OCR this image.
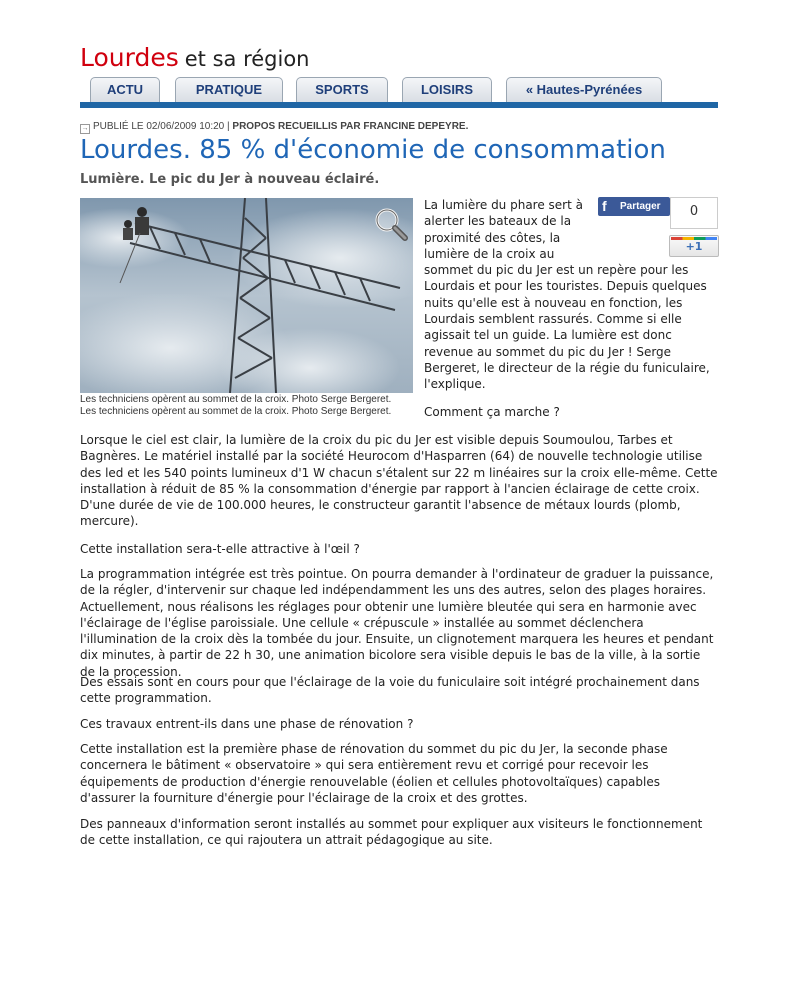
Lourdes et sa région
ACTU	PRATIQUE	SPORTS	LOISIRS	« Hautes-Pyrénées
→ PUBLIÉ LE 02/06/2009 10:20 | PROPOS RECUEILLIS PAR FRANCINE DEPEYRE.
Lourdes. 85 % d'économie de consommation
Lumière. Le pic du Jer à nouveau éclairé.
Les techniciens opèrent au sommet de la croix. Photo Serge Bergeret.
Les techniciens opèrent au sommet de la croix. Photo Serge Bergeret.
f Partager	0
+1
La lumière du phare sert à alerter les bateaux de la proximité des côtes, la lumière de la croix au
sommet du pic du Jer est un repère pour les Lourdais et pour les touristes. Depuis quelques nuits qu'elle est à nouveau en fonction, les Lourdais semblent rassurés. Comme si elle agissait tel un guide. La lumière est donc revenue au sommet du pic du Jer ! Serge Bergeret, le directeur de la régie du funiculaire, l'explique.
Comment ça marche ?

Lorsque le ciel est clair, la lumière de la croix du pic du Jer est visible depuis Soumoulou, Tarbes et Bagnères. Le matériel installé par la société Heurocom d'Hasparren (64) de nouvelle technologie utilise des led et les 540 points lumineux d'1 W chacun s'étalent sur 22 m linéaires sur la croix elle-même. Cette installation à réduit de 85 % la consommation d'énergie par rapport à l'ancien éclairage de cette croix. D'une durée de vie de 100.000 heures, le constructeur garantit l'absence de métaux lourds (plomb, mercure).

Cette installation sera-t-elle attractive à l'œil ?

La programmation intégrée est très pointue. On pourra demander à l'ordinateur de graduer la puissance, de la régler, d'intervenir sur chaque led indépendamment les uns des autres, selon des plages horaires. Actuellement, nous réalisons les réglages pour obtenir une lumière bleutée qui sera en harmonie avec l'éclairage de l'église paroissiale. Une cellule « crépuscule » installée au sommet déclenchera l'illumination de la croix dès la tombée du jour. Ensuite, un clignotement marquera les heures et pendant dix minutes, à partir de 22 h 30, une animation bicolore sera visible depuis le bas de la ville, à la sortie de la procession.

Des essais sont en cours pour que l'éclairage de la voie du funiculaire soit intégré prochainement dans cette programmation.

Ces travaux entrent-ils dans une phase de rénovation ?

Cette installation est la première phase de rénovation du sommet du pic du Jer, la seconde phase concernera le bâtiment « observatoire » qui sera entièrement revu et corrigé pour recevoir les équipements de production d'énergie renouvelable (éolien et cellules photovoltaïques) capables d'assurer la fourniture d'énergie pour l'éclairage de la croix et des grottes.

Des panneaux d'information seront installés au sommet pour expliquer aux visiteurs le fonctionnement de cette installation, ce qui rajoutera un attrait pédagogique au site.
